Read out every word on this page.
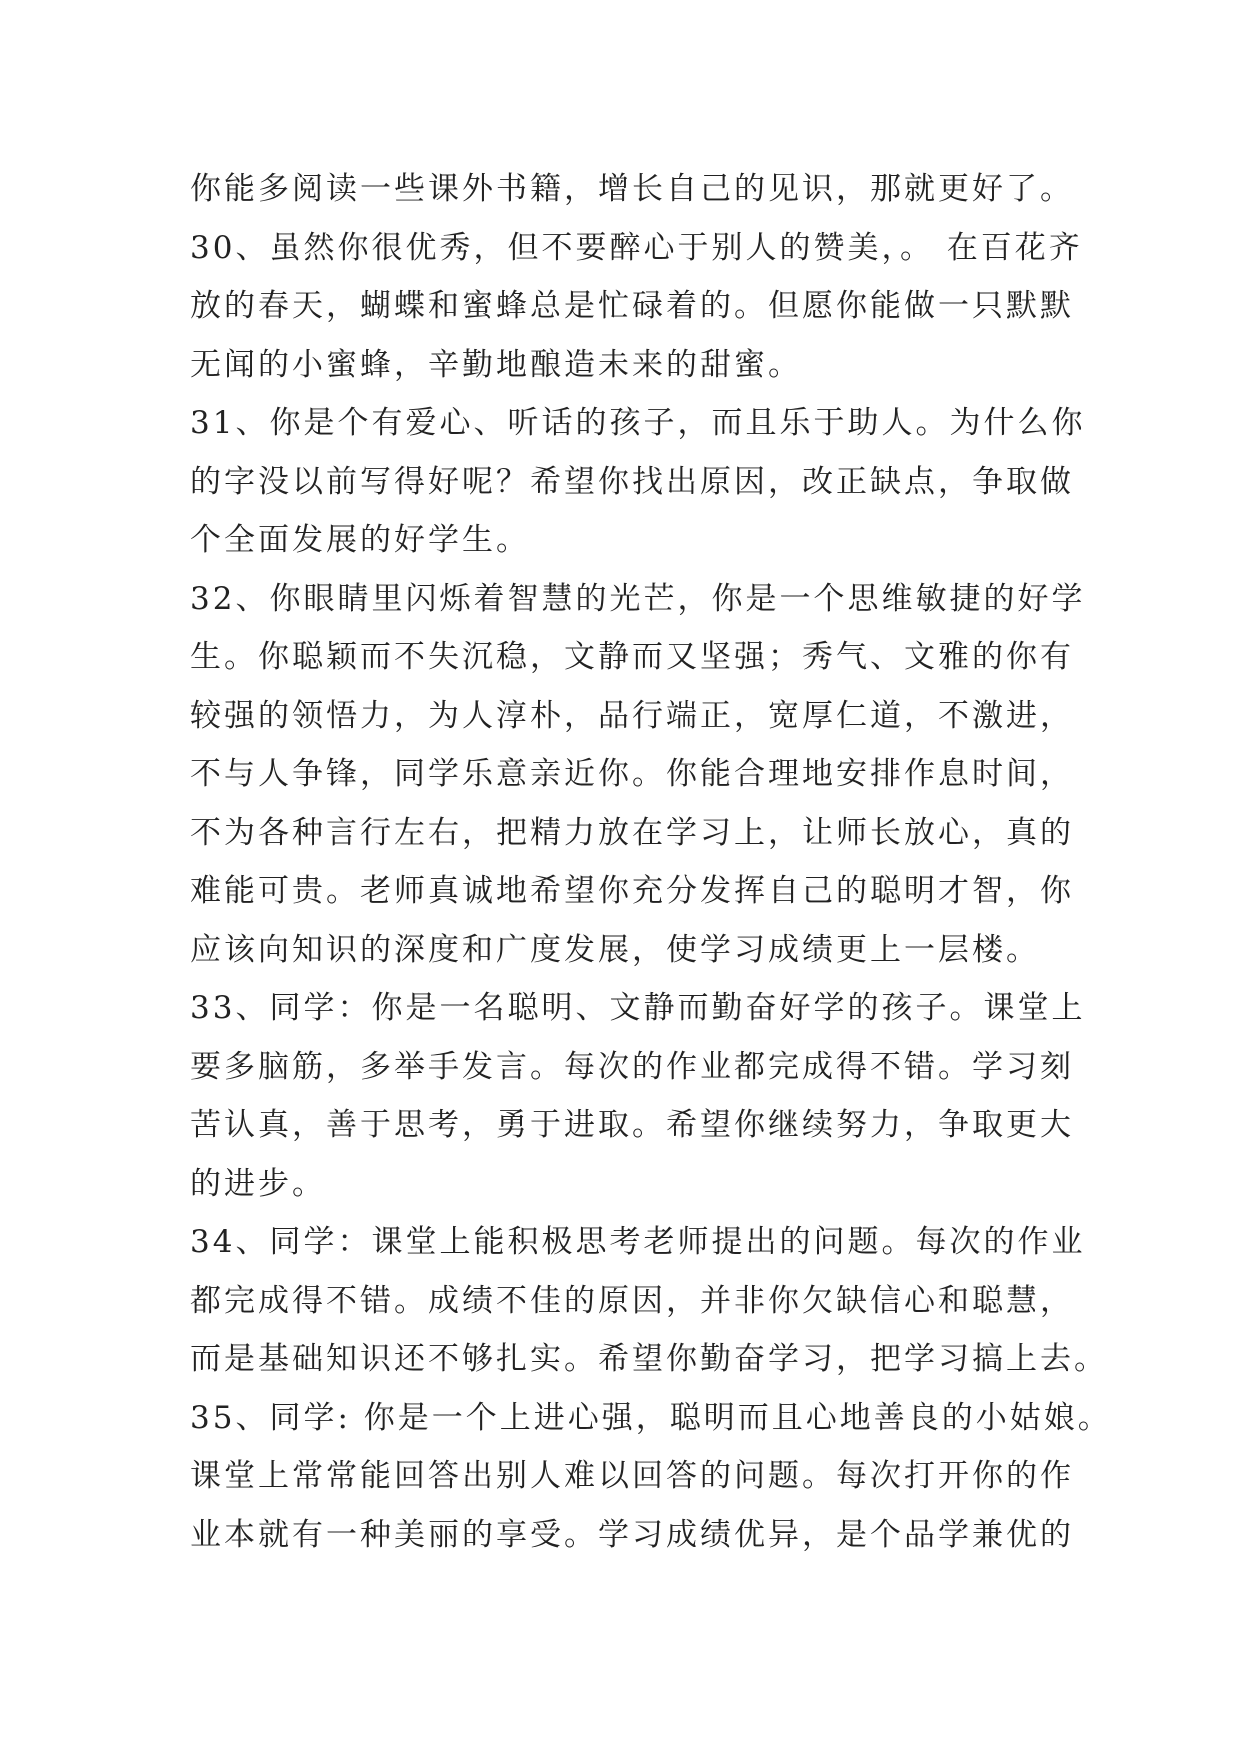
你能多阅读一些课外书籍，增长自己的见识，那就更好了。
30、虽然你很优秀，但不要醉心于别人的赞美，。 在百花齐
放的春天，蝴蝶和蜜蜂总是忙碌着的。但愿你能做一只默默
无闻的小蜜蜂，辛勤地酿造未来的甜蜜。
31、你是个有爱心、听话的孩子，而且乐于助人。为什么你
的字没以前写得好呢？希望你找出原因，改正缺点，争取做
个全面发展的好学生。
32、你眼睛里闪烁着智慧的光芒，你是一个思维敏捷的好学
生。你聪颖而不失沉稳，文静而又坚强；秀气、文雅的你有
较强的领悟力，为人淳朴，品行端正，宽厚仁道，不激进，
不与人争锋，同学乐意亲近你。你能合理地安排作息时间，
不为各种言行左右，把精力放在学习上，让师长放心，真的
难能可贵。老师真诚地希望你充分发挥自己的聪明才智，你
应该向知识的深度和广度发展，使学习成绩更上一层楼。
33、同学：你是一名聪明、文静而勤奋好学的孩子。课堂上
要多脑筋，多举手发言。每次的作业都完成得不错。学习刻
苦认真，善于思考，勇于进取。希望你继续努力，争取更大
的进步。
34、同学：课堂上能积极思考老师提出的问题。每次的作业
都完成得不错。成绩不佳的原因，并非你欠缺信心和聪慧，
而是基础知识还不够扎实。希望你勤奋学习，把学习搞上去。
35、同学: 你是一个上进心强，聪明而且心地善良的小姑娘。
课堂上常常能回答出别人难以回答的问题。每次打开你的作
业本就有一种美丽的享受。学习成绩优异，是个品学兼优的
